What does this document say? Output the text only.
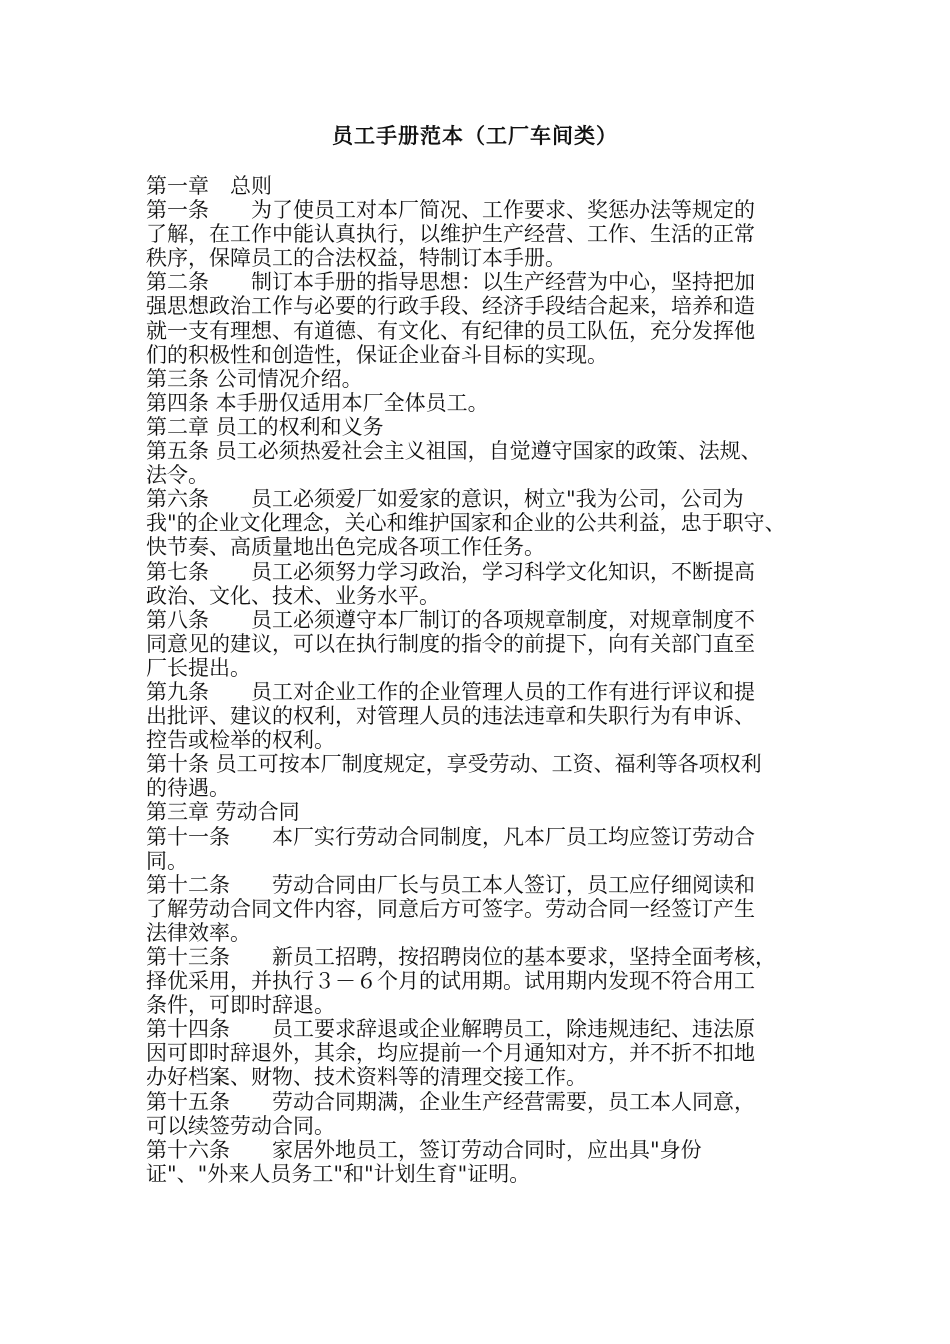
员工手册范本（工厂车间类）
第一章　总则
第一条　　为了使员工对本厂简况、工作要求、奖惩办法等规定的
了解，在工作中能认真执行，以维护生产经营、工作、生活的正常
秩序，保障员工的合法权益，特制订本手册。
第二条　　制订本手册的指导思想：以生产经营为中心，坚持把加
强思想政治工作与必要的行政手段、经济手段结合起来，培养和造
就一支有理想、有道德、有文化、有纪律的员工队伍，充分发挥他
们的积极性和创造性，保证企业奋斗目标的实现。
第三条 公司情况介绍。
第四条 本手册仅适用本厂全体员工。
第二章 员工的权利和义务
第五条 员工必须热爱社会主义祖国，自觉遵守国家的政策、法规、
法令。
第六条　　员工必须爱厂如爱家的意识，树立"我为公司，公司为
我"的企业文化理念，关心和维护国家和企业的公共利益，忠于职守、
快节奏、高质量地出色完成各项工作任务。
第七条　　员工必须努力学习政治，学习科学文化知识，不断提高
政治、文化、技术、业务水平。
第八条　　员工必须遵守本厂制订的各项规章制度，对规章制度不
同意见的建议，可以在执行制度的指令的前提下，向有关部门直至
厂长提出。
第九条　　员工对企业工作的企业管理人员的工作有进行评议和提
出批评、建议的权利，对管理人员的违法违章和失职行为有申诉、
控告或检举的权利。
第十条 员工可按本厂制度规定，享受劳动、工资、福利等各项权利
的待遇。
第三章 劳动合同
第十一条　　本厂实行劳动合同制度，凡本厂员工均应签订劳动合
同。
第十二条　　劳动合同由厂长与员工本人签订，员工应仔细阅读和
了解劳动合同文件内容，同意后方可签字。劳动合同一经签订产生
法律效率。
第十三条　　新员工招聘，按招聘岗位的基本要求，坚持全面考核，
择优采用，并执行３－６个月的试用期。试用期内发现不符合用工
条件，可即时辞退。
第十四条　　员工要求辞退或企业解聘员工，除违规违纪、违法原
因可即时辞退外，其余，均应提前一个月通知对方，并不折不扣地
办好档案、财物、技术资料等的清理交接工作。
第十五条　　劳动合同期满，企业生产经营需要，员工本人同意，
可以续签劳动合同。
第十六条　　家居外地员工，签订劳动合同时，应出具"身份
证"、"外来人员务工"和"计划生育"证明。
